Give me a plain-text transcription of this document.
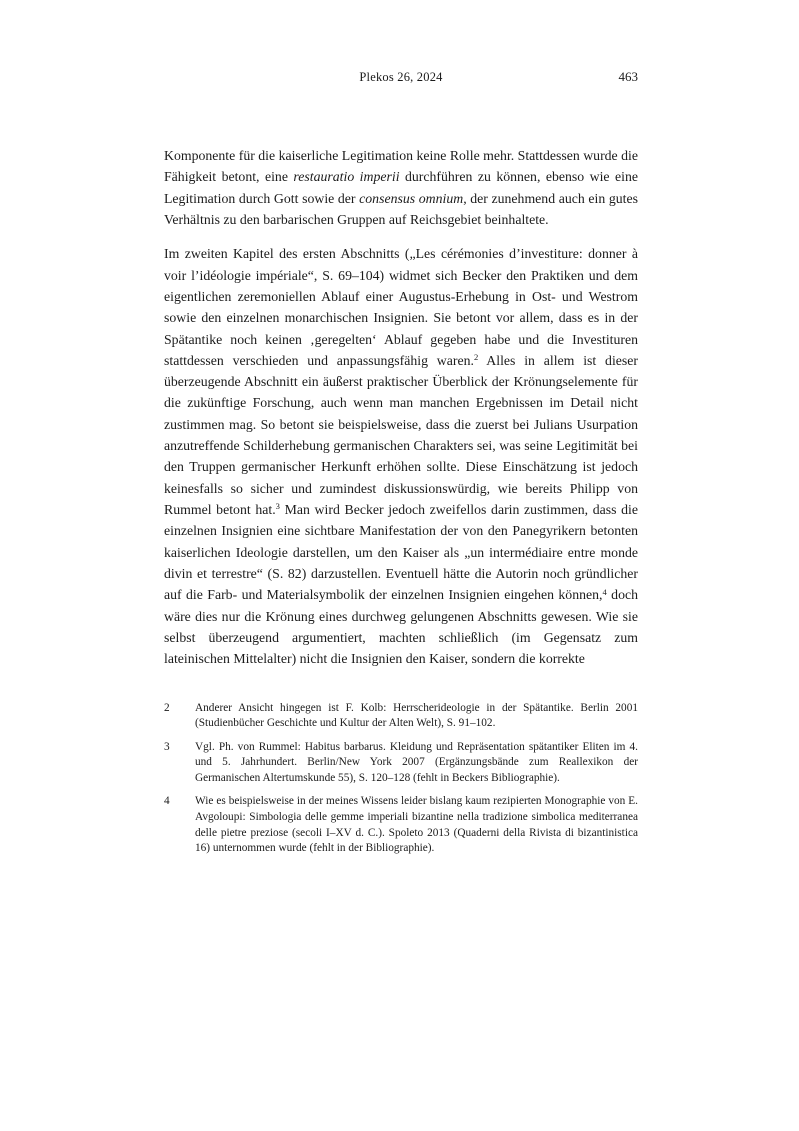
Plekos 26, 2024	463

Komponente für die kaiserliche Legitimation keine Rolle mehr. Stattdessen wurde die Fähigkeit betont, eine restauratio imperii durchführen zu können, ebenso wie eine Legitimation durch Gott sowie der consensus omnium, der zunehmend auch ein gutes Verhältnis zu den barbarischen Gruppen auf Reichsgebiet beinhaltete.

Im zweiten Kapitel des ersten Abschnitts („Les cérémonies d’investiture: donner à voir l’idéologie impériale“, S. 69–104) widmet sich Becker den Praktiken und dem eigentlichen zeremoniellen Ablauf einer Augustus-Erhebung in Ost- und Westrom sowie den einzelnen monarchischen Insignien. Sie betont vor allem, dass es in der Spätantike noch keinen ‚geregelten‘ Ablauf gegeben habe und die Investituren stattdessen verschieden und anpassungsfähig waren.$^2$ Alles in allem ist dieser überzeugende Abschnitt ein äußerst praktischer Überblick der Krönungselemente für die zukünftige Forschung, auch wenn man manchen Ergebnissen im Detail nicht zustimmen mag. So betont sie beispielsweise, dass die zuerst bei Julians Usurpation anzutreffende Schilderhebung germanischen Charakters sei, was seine Legitimität bei den Truppen germanischer Herkunft erhöhen sollte. Diese Einschätzung ist jedoch keinesfalls so sicher und zumindest diskussionswürdig, wie bereits Philipp von Rummel betont hat.$^3$ Man wird Becker jedoch zweifellos darin zustimmen, dass die einzelnen Insignien eine sichtbare Manifestation der von den Panegyrikern betonten kaiserlichen Ideologie darstellen, um den Kaiser als „un intermédiaire entre monde divin et terrestre“ (S. 82) darzustellen. Eventuell hätte die Autorin noch gründlicher auf die Farb- und Materialsymbolik der einzelnen Insignien eingehen können,$^4$ doch wäre dies nur die Krönung eines durchweg gelungenen Abschnitts gewesen. Wie sie selbst überzeugend argumentiert, machten schließlich (im Gegensatz zum lateinischen Mittelalter) nicht die Insignien den Kaiser, sondern die korrekte

2	Anderer Ansicht hingegen ist F. Kolb: Herrscherideologie in der Spätantike. Berlin 2001 (Studienbücher Geschichte und Kultur der Alten Welt), S. 91–102.
3	Vgl. Ph. von Rummel: Habitus barbarus. Kleidung und Repräsentation spätantiker Eliten im 4. und 5. Jahrhundert. Berlin/New York 2007 (Ergänzungsbände zum Reallexikon der Germanischen Altertumskunde 55), S. 120–128 (fehlt in Beckers Bibliographie).
4	Wie es beispielsweise in der meines Wissens leider bislang kaum rezipierten Monographie von E. Avgoloupi: Simbologia delle gemme imperiali bizantine nella tradizione simbolica mediterranea delle pietre preziose (secoli I–XV d. C.). Spoleto 2013 (Quaderni della Rivista di bizantinistica 16) unternommen wurde (fehlt in der Bibliographie).
